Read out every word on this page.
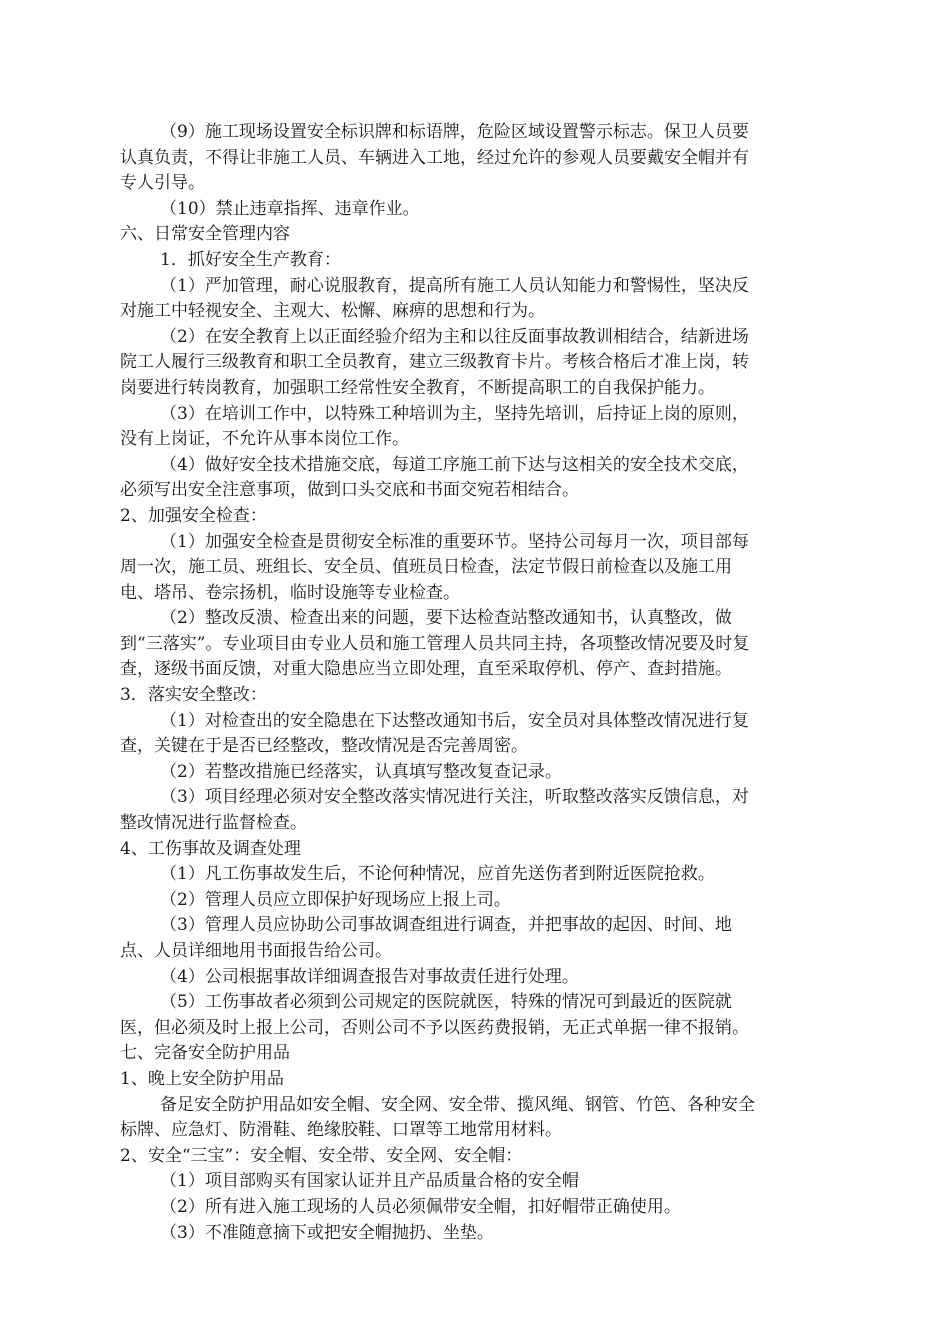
（9）施工现场设置安全标识牌和标语牌，危险区域设置警示标志。保卫人员要
认真负责，不得让非施工人员、车辆进入工地，经过允许的参观人员要戴安全帽并有
专人引导。
（10）禁止违章指挥、违章作业。
六、日常安全管理内容
1．抓好安全生产教育：
（1）严加管理，耐心说服教育，提高所有施工人员认知能力和警惕性，坚决反
对施工中轻视安全、主观大、松懈、麻痹的思想和行为。
（2）在安全教育上以正面经验介绍为主和以往反面事故教训相结合，结新进场
院工人履行三级教育和职工全员教育，建立三级教育卡片。考核合格后才准上岗，转
岗要进行转岗教育，加强职工经常性安全教育，不断提高职工的自我保护能力。
（3）在培训工作中，以特殊工种培训为主，坚持先培训，后持证上岗的原则，
没有上岗证，不允许从事本岗位工作。
（4）做好安全技术措施交底，每道工序施工前下达与这相关的安全技术交底，
必须写出安全注意事项，做到口头交底和书面交宛若相结合。
2、加强安全检查：
（1）加强安全检查是贯彻安全标准的重要环节。坚持公司每月一次，项目部每
周一次，施工员、班组长、安全员、值班员日检查，法定节假日前检查以及施工用
电、塔吊、卷宗扬机，临时设施等专业检查。
（2）整改反溃、检查出来的问题，要下达检查站整改通知书，认真整改，做
到“三落实”。专业项目由专业人员和施工管理人员共同主持，各项整改情况要及时复
查，逐级书面反馈，对重大隐患应当立即处理，直至采取停机、停产、查封措施。
3．落实安全整改：
（1）对检查出的安全隐患在下达整改通知书后，安全员对具体整改情况进行复
查，关键在于是否已经整改，整改情况是否完善周密。
（2）若整改措施已经落实，认真填写整改复查记录。
（3）项目经理必须对安全整改落实情况进行关注，听取整改落实反馈信息，对
整改情况进行监督检查。
4、工伤事故及调查处理
（1）凡工伤事故发生后，不论何种情况，应首先送伤者到附近医院抢救。
（2）管理人员应立即保护好现场应上报上司。
（3）管理人员应协助公司事故调查组进行调查，并把事故的起因、时间、地
点、人员详细地用书面报告给公司。
（4）公司根据事故详细调查报告对事故责任进行处理。
（5）工伤事故者必须到公司规定的医院就医，特殊的情况可到最近的医院就
医，但必须及时上报上公司，否则公司不予以医药费报销，无正式单据一律不报销。
七、完备安全防护用品
1、晚上安全防护用品
备足安全防护用品如安全帽、安全网、安全带、揽风绳、钢管、竹笆、各种安全
标牌、应急灯、防滑鞋、绝缘胶鞋、口罩等工地常用材料。
2、安全“三宝”：安全帽、安全带、安全网、安全帽：
（1）项目部购买有国家认证并且产品质量合格的安全帽
（2）所有进入施工现场的人员必须佩带安全帽，扣好帽带正确使用。
（3）不准随意摘下或把安全帽抛扔、坐垫。
